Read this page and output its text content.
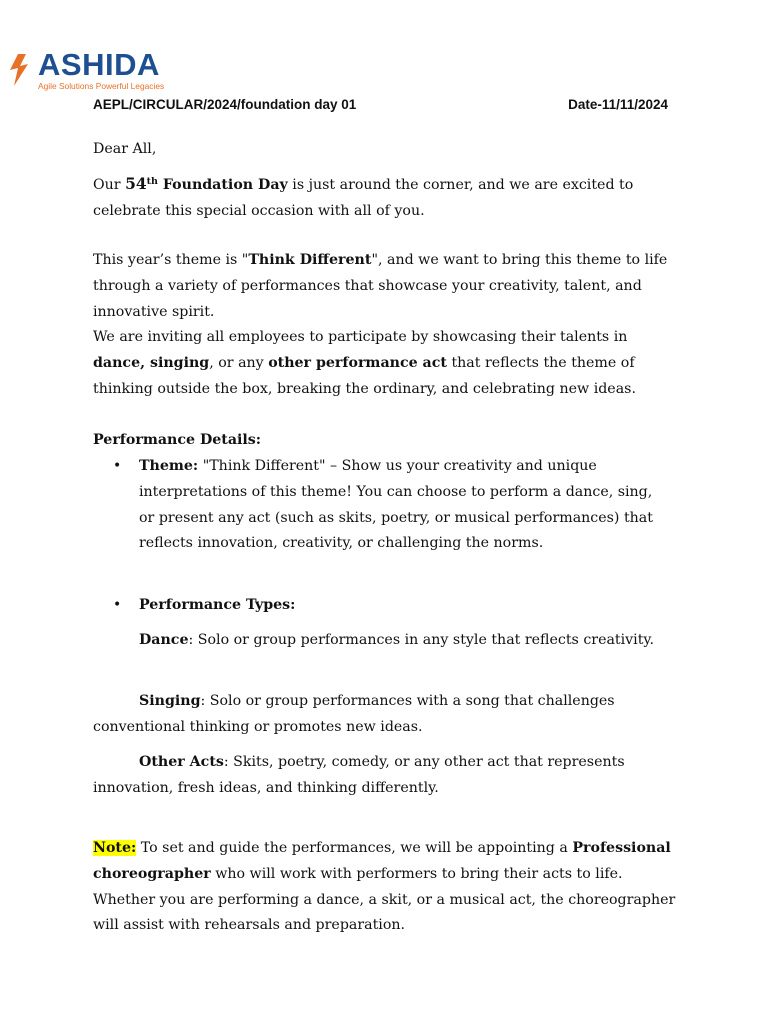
ASHIDA
Agile Solutions Powerful Legacies
AEPL/CIRCULAR/2024/foundation day 01	Date-11/11/2024

Dear All,

Our 54th Foundation Day is just around the corner, and we are excited to celebrate this special occasion with all of you.

This year’s theme is "Think Different", and we want to bring this theme to life through a variety of performances that showcase your creativity, talent, and innovative spirit.
We are inviting all employees to participate by showcasing their talents in dance, singing, or any other performance act that reflects the theme of thinking outside the box, breaking the ordinary, and celebrating new ideas.

Performance Details:

• Theme: "Think Different" – Show us your creativity and unique interpretations of this theme! You can choose to perform a dance, sing, or present any act (such as skits, poetry, or musical performances) that reflects innovation, creativity, or challenging the norms.

• Performance Types:

Dance: Solo or group performances in any style that reflects creativity.

Singing: Solo or group performances with a song that challenges conventional thinking or promotes new ideas.

Other Acts: Skits, poetry, comedy, or any other act that represents innovation, fresh ideas, and thinking differently.

Note: To set and guide the performances, we will be appointing a Professional choreographer who will work with performers to bring their acts to life. Whether you are performing a dance, a skit, or a musical act, the choreographer will assist with rehearsals and preparation.
